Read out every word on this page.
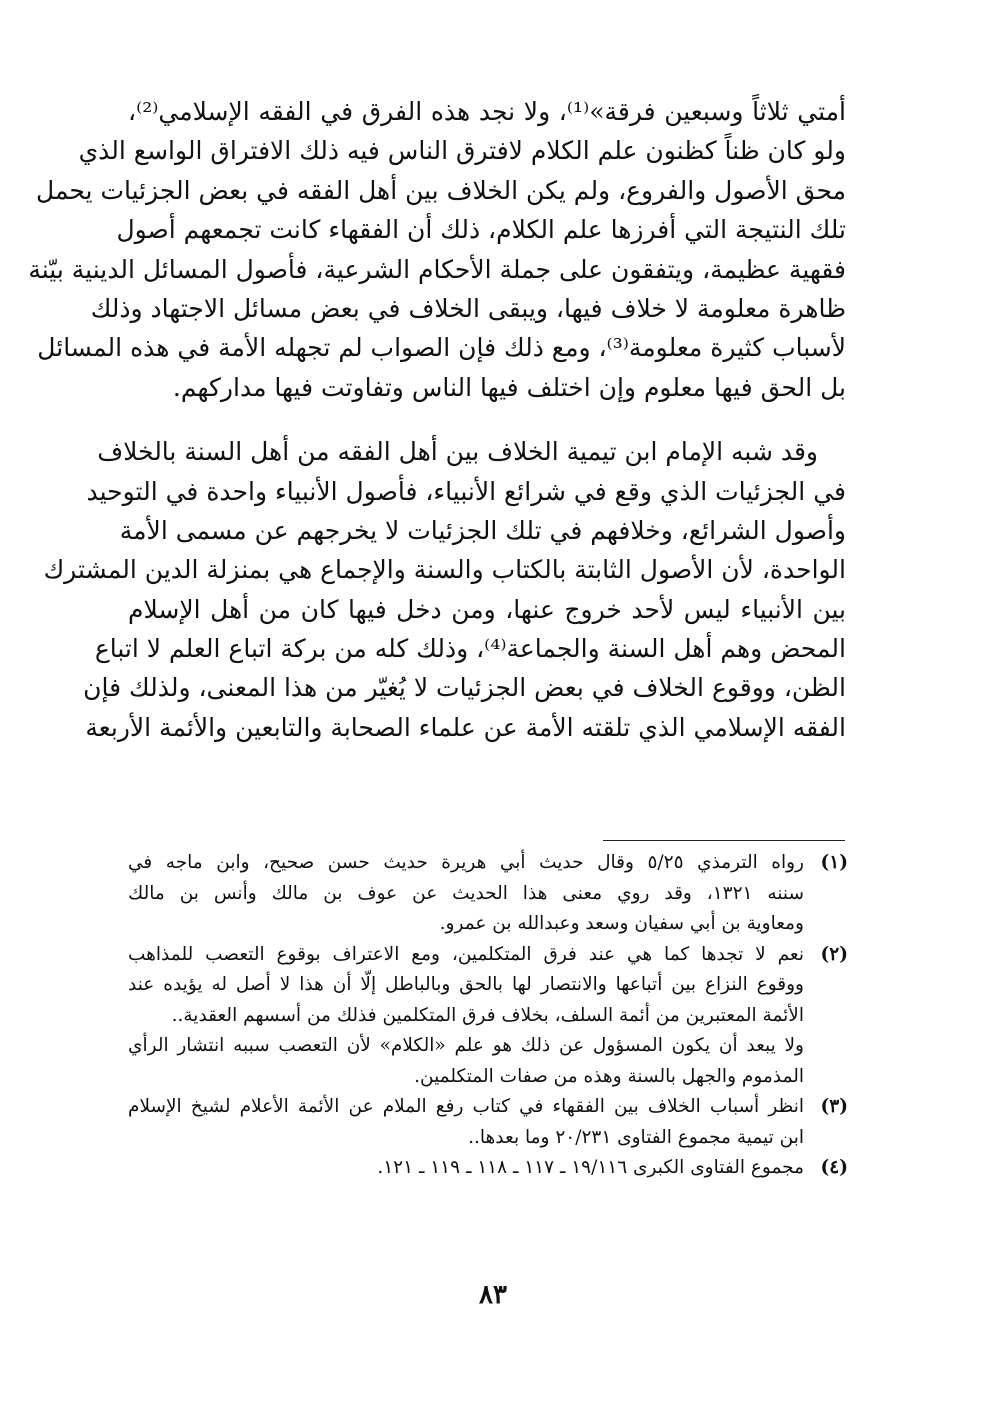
أمتي ثلاثاً وسبعين فرقة»⁽¹⁾، ولا نجد هذه الفرق في الفقه الإسلامي⁽²⁾،
ولو كان ظناً كظنون علم الكلام لافترق الناس فيه ذلك الافتراق الواسع الذي
محق الأصول والفروع، ولم يكن الخلاف بين أهل الفقه في بعض الجزئيات يحمل
تلك النتيجة التي أفرزها علم الكلام، ذلك أن الفقهاء كانت تجمعهم أصول
فقهية عظيمة، ويتفقون على جملة الأحكام الشرعية، فأصول المسائل الدينية بيّنة
ظاهرة معلومة لا خلاف فيها، ويبقى الخلاف في بعض مسائل الاجتهاد وذلك
لأسباب كثيرة معلومة⁽³⁾، ومع ذلك فإن الصواب لم تجهله الأمة في هذه المسائل
بل الحق فيها معلوم وإن اختلف فيها الناس وتفاوتت فيها مداركهم.
وقد شبه الإمام ابن تيمية الخلاف بين أهل الفقه من أهل السنة بالخلاف
في الجزئيات الذي وقع في شرائع الأنبياء، فأصول الأنبياء واحدة في التوحيد
وأصول الشرائع، وخلافهم في تلك الجزئيات لا يخرجهم عن مسمى الأمة
الواحدة، لأن الأصول الثابتة بالكتاب والسنة والإجماع هي بمنزلة الدين المشترك
بين الأنبياء ليس لأحد خروج عنها، ومن دخل فيها كان من أهل الإسلام
المحض وهم أهل السنة والجماعة⁽⁴⁾، وذلك كله من بركة اتباع العلم لا اتباع
الظن، ووقوع الخلاف في بعض الجزئيات لا يُغيّر من هذا المعنى، ولذلك فإن
الفقه الإسلامي الذي تلقته الأمة عن علماء الصحابة والتابعين والأئمة الأربعة
(١)
رواه الترمذي ٥/٢٥ وقال حديث أبي هريرة حديث حسن صحيح، وابن ماجه في
سننه ١٣٢١، وقد روي معنى هذا الحديث عن عوف بن مالك وأنس بن مالك
ومعاوية بن أبي سفيان وسعد وعبدالله بن عمرو.
(٢)
نعم لا تجدها كما هي عند فرق المتكلمين، ومع الاعتراف بوقوع التعصب للمذاهب
ووقوع النزاع بين أتباعها والانتصار لها بالحق وبالباطل إلّا أن هذا لا أصل له يؤيده عند
الأئمة المعتبرين من أئمة السلف، بخلاف فرق المتكلمين فذلك من أسسهم العقدية..
ولا يبعد أن يكون المسؤول عن ذلك هو علم «الكلام» لأن التعصب سببه انتشار الرأي
المذموم والجهل بالسنة وهذه من صفات المتكلمين.
(٣)
انظر أسباب الخلاف بين الفقهاء في كتاب رفع الملام عن الأئمة الأعلام لشيخ الإسلام
ابن تيمية مجموع الفتاوى ٢٠/٢٣١ وما بعدها..
(٤)
مجموع الفتاوى الكبرى ١٩/١١٦ ـ ١١٧ ـ ١١٨ ـ ١١٩ ـ ١٢١.
٨٣
